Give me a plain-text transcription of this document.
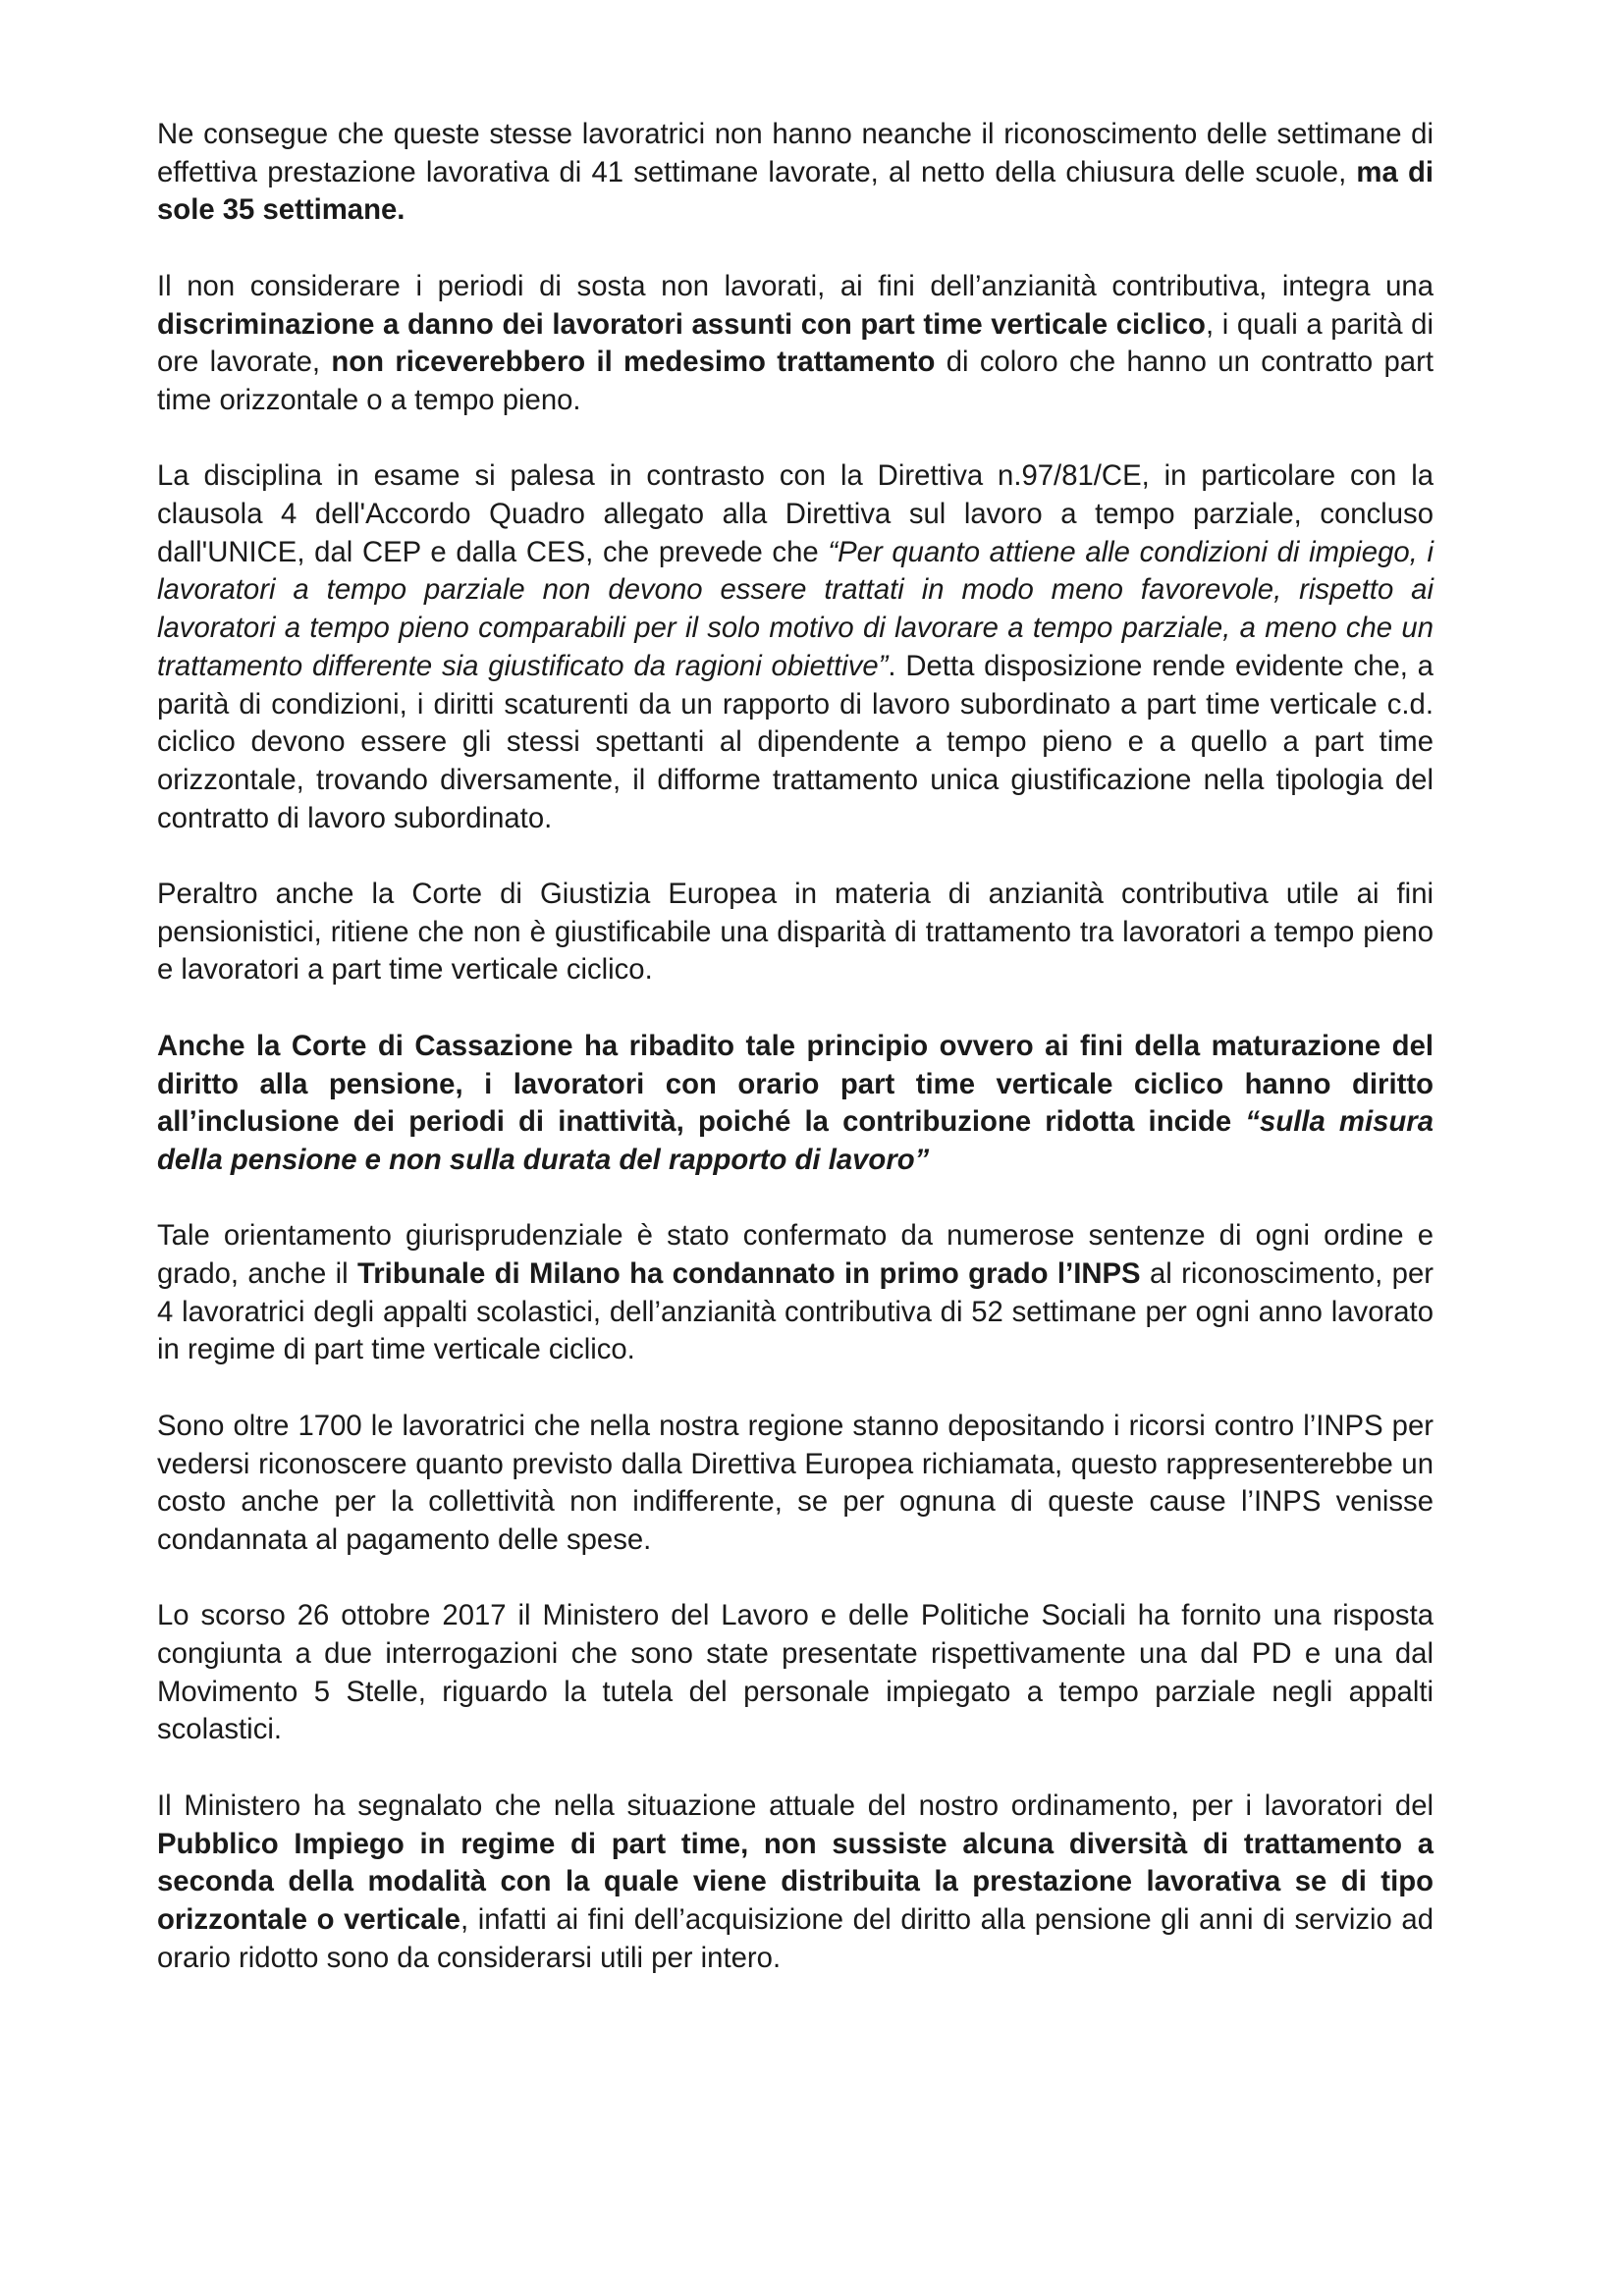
Ne consegue che queste stesse lavoratrici non hanno neanche il riconoscimento delle settimane di effettiva prestazione lavorativa di 41 settimane lavorate, al netto della chiusura delle scuole, ma di sole 35 settimane.

Il non considerare i periodi di sosta non lavorati, ai fini dell’anzianità contributiva, integra una discriminazione a danno dei lavoratori assunti con part time verticale ciclico, i quali a parità di ore lavorate, non riceverebbero il medesimo trattamento di coloro che hanno un contratto part time orizzontale o a tempo pieno.

La disciplina in esame si palesa in contrasto con la Direttiva n.97/81/CE, in particolare con la clausola 4 dell'Accordo Quadro allegato alla Direttiva sul lavoro a tempo parziale, concluso dall'UNICE, dal CEP e dalla CES, che prevede che “Per quanto attiene alle condizioni di impiego, i lavoratori a tempo parziale non devono essere trattati in modo meno favorevole, rispetto ai lavoratori a tempo pieno comparabili per il solo motivo di lavorare a tempo parziale, a meno che un trattamento differente sia giustificato da ragioni obiettive”. Detta disposizione rende evidente che, a parità di condizioni, i diritti scaturenti da un rapporto di lavoro subordinato a part time verticale c.d. ciclico devono essere gli stessi spettanti al dipendente a tempo pieno e a quello a part time orizzontale, trovando diversamente, il difforme trattamento unica giustificazione nella tipologia del contratto di lavoro subordinato.

Peraltro anche la Corte di Giustizia Europea in materia di anzianità contributiva utile ai fini pensionistici, ritiene che non è giustificabile una disparità di trattamento tra lavoratori a tempo pieno e lavoratori a part time verticale ciclico.

Anche la Corte di Cassazione ha ribadito tale principio ovvero ai fini della maturazione del diritto alla pensione, i lavoratori con orario part time verticale ciclico hanno diritto all’inclusione dei periodi di inattività, poiché la contribuzione ridotta incide “sulla misura della pensione e non sulla durata del rapporto di lavoro”

Tale orientamento giurisprudenziale è stato confermato da numerose sentenze di ogni ordine e grado, anche il Tribunale di Milano ha condannato in primo grado l’INPS al riconoscimento, per 4 lavoratrici degli appalti scolastici, dell’anzianità contributiva di 52 settimane per ogni anno lavorato in regime di part time verticale ciclico.

Sono oltre 1700 le lavoratrici che nella nostra regione stanno depositando i ricorsi contro l’INPS per vedersi riconoscere quanto previsto dalla Direttiva Europea richiamata, questo rappresenterebbe un costo anche per la collettività non indifferente, se per ognuna di queste cause l’INPS venisse condannata al pagamento delle spese.

Lo scorso 26 ottobre 2017 il Ministero del Lavoro e delle Politiche Sociali ha fornito una risposta congiunta a due interrogazioni che sono state presentate rispettivamente una dal PD e una dal Movimento 5 Stelle, riguardo la tutela del personale impiegato a tempo parziale negli appalti scolastici.

Il Ministero ha segnalato che nella situazione attuale del nostro ordinamento, per i lavoratori del Pubblico Impiego in regime di part time, non sussiste alcuna diversità di trattamento a seconda della modalità con la quale viene distribuita la prestazione lavorativa se di tipo orizzontale o verticale, infatti ai fini dell’acquisizione del diritto alla pensione gli anni di servizio ad orario ridotto sono da considerarsi utili per intero.
